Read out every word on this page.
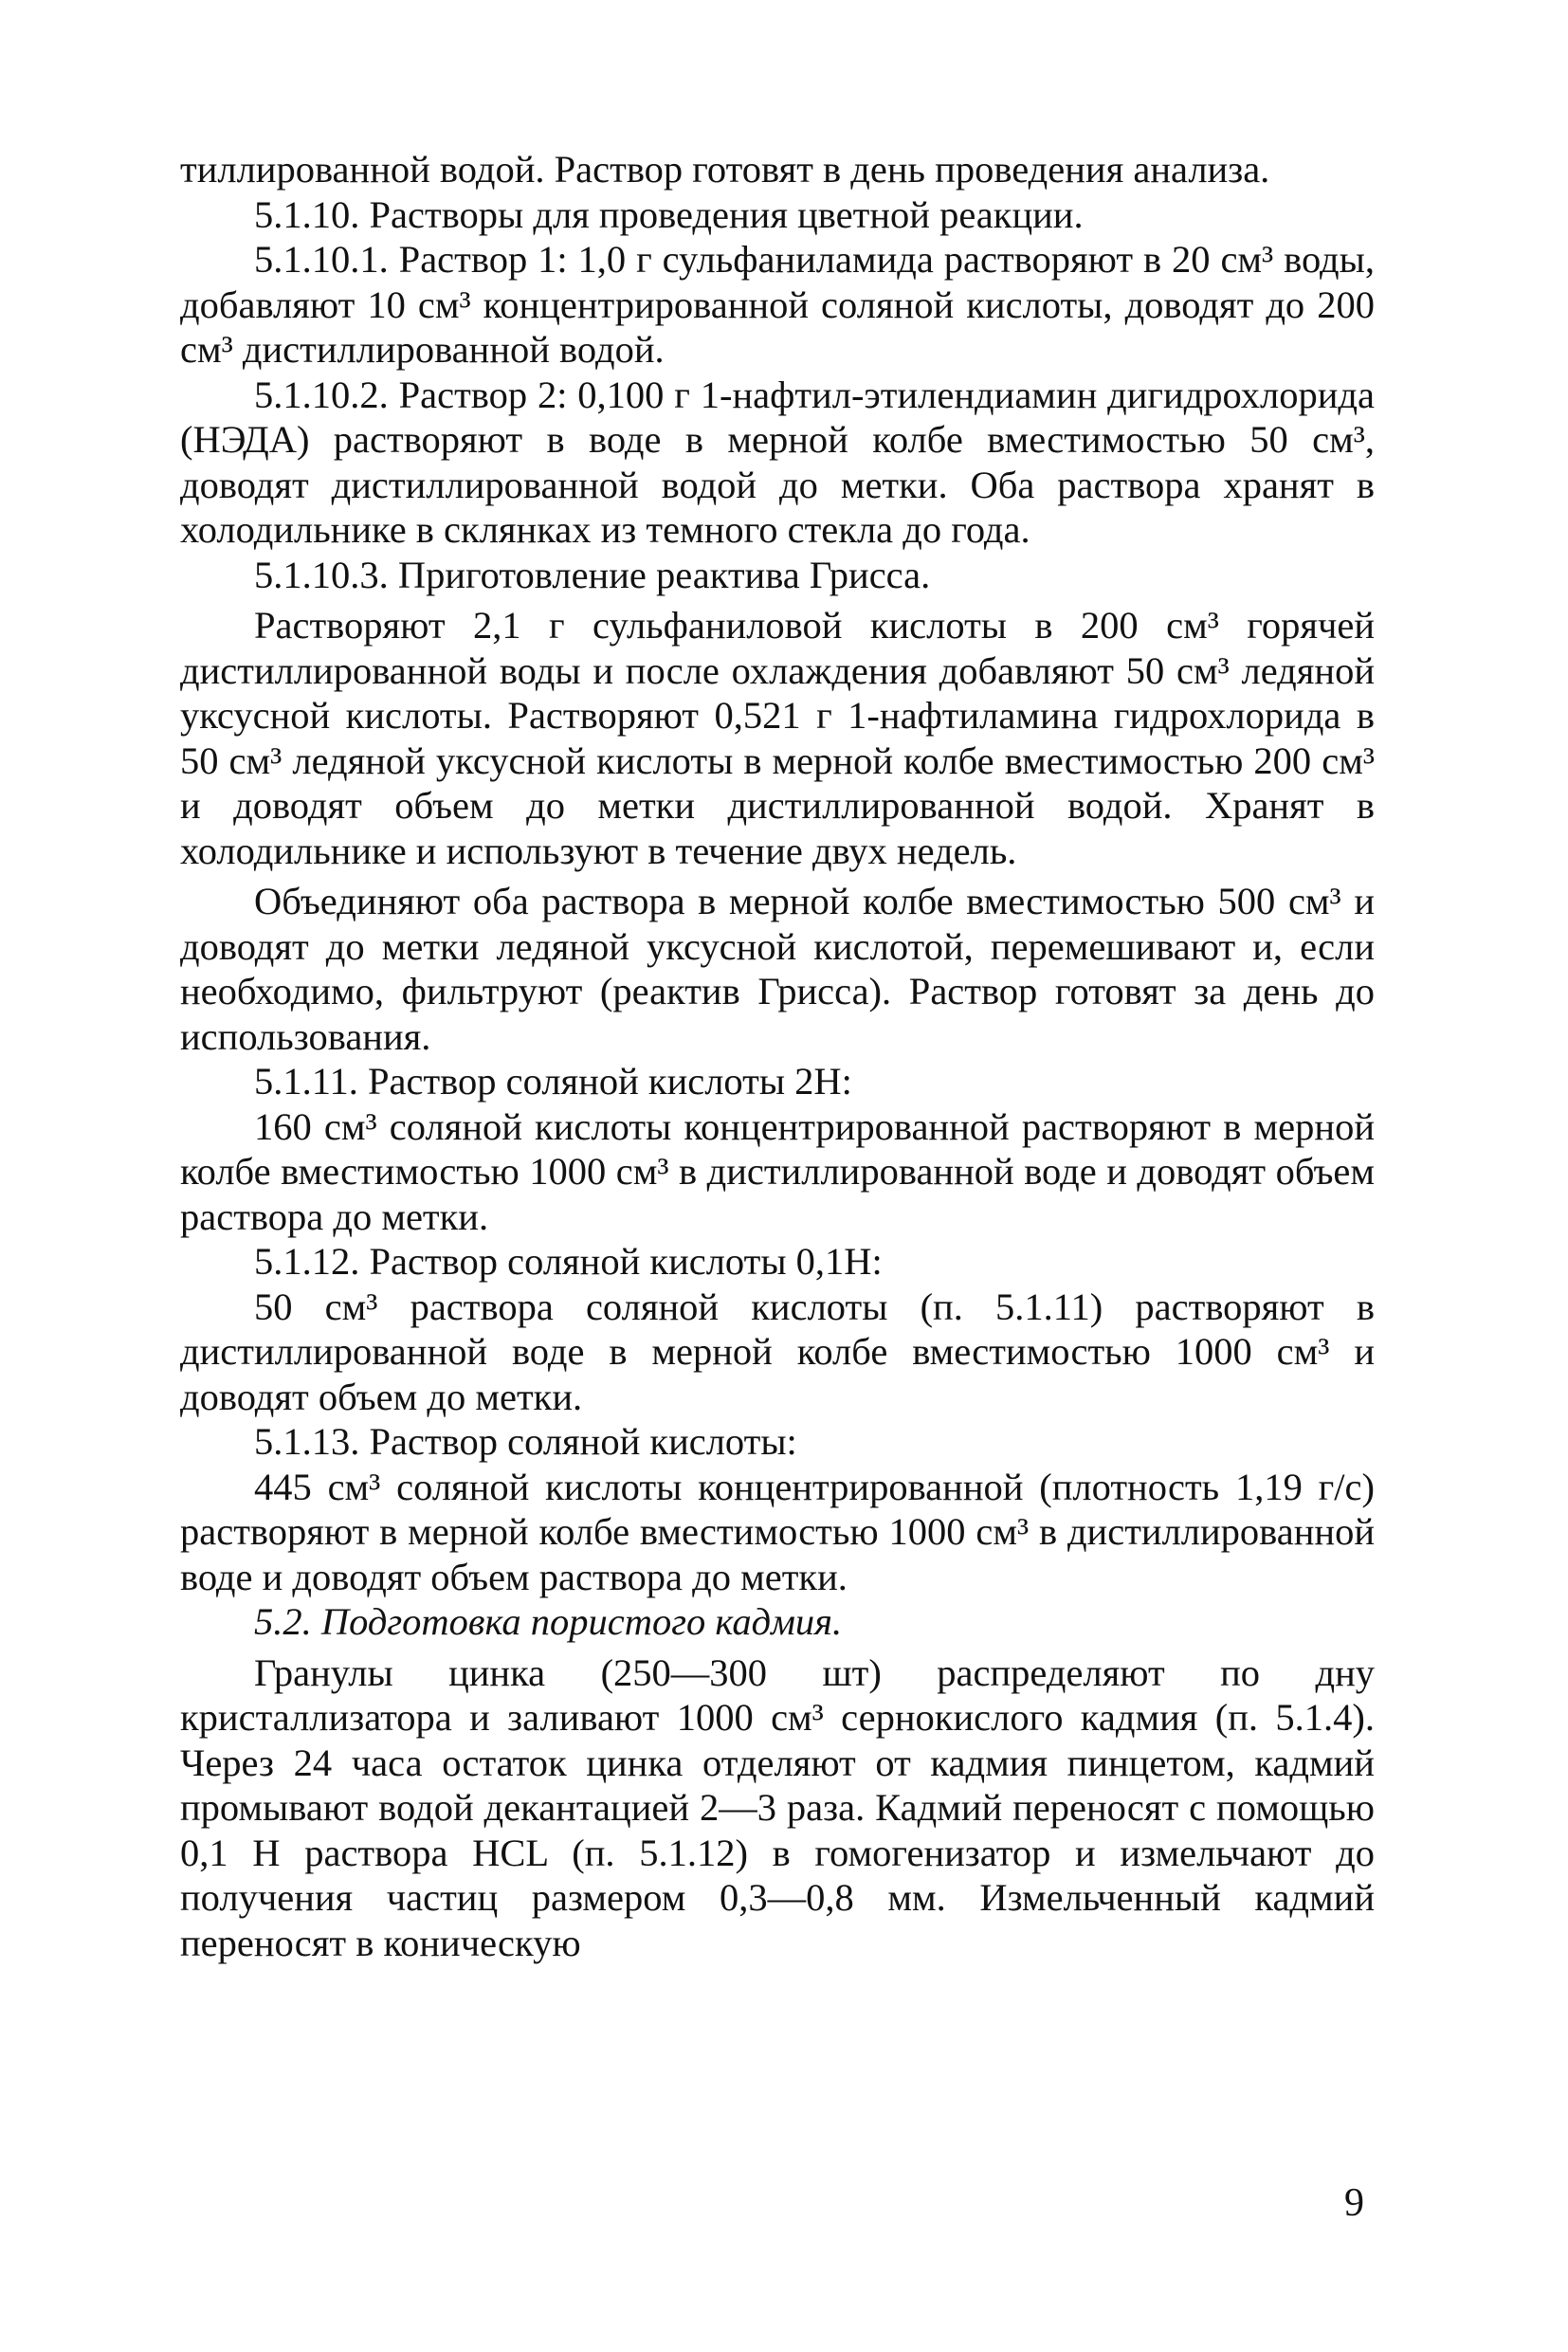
тиллированной водой. Раствор готовят в день проведения анализа.

5.1.10. Растворы для проведения цветной реакции.

5.1.10.1. Раствор 1: 1,0 г сульфаниламида растворяют в 20 см³ воды, добавляют 10 см³ концентрированной соляной кислоты, доводят до 200 см³ дистиллированной водой.

5.1.10.2. Раствор 2: 0,100 г 1-нафтил-этилендиамин дигидрохлорида (НЭДА) растворяют в воде в мерной колбе вместимостью 50 см³, доводят дистиллированной водой до метки. Оба раствора хранят в холодильнике в склянках из темного стекла до года.

5.1.10.3. Приготовление реактива Грисса.

Растворяют 2,1 г сульфаниловой кислоты в 200 см³ горячей дистиллированной воды и после охлаждения добавляют 50 см³ ледяной уксусной кислоты. Растворяют 0,521 г 1-нафтиламина гидрохлорида в 50 см³ ледяной уксусной кислоты в мерной колбе вместимостью 200 см³ и доводят объем до метки дистиллированной водой. Хранят в холодильнике и используют в течение двух недель.

Объединяют оба раствора в мерной колбе вместимостью 500 см³ и доводят до метки ледяной уксусной кислотой, перемешивают и, если необходимо, фильтруют (реактив Грисса). Раствор готовят за день до использования.

5.1.11. Раствор соляной кислоты 2Н:

160 см³ соляной кислоты концентрированной растворяют в мерной колбе вместимостью 1000 см³ в дистиллированной воде и доводят объем раствора до метки.

5.1.12. Раствор соляной кислоты 0,1Н:

50 см³ раствора соляной кислоты (п. 5.1.11) растворяют в дистиллированной воде в мерной колбе вместимостью 1000 см³ и доводят объем до метки.

5.1.13. Раствор соляной кислоты:

445 см³ соляной кислоты концентрированной (плотность 1,19 г/с) растворяют в мерной колбе вместимостью 1000 см³ в дистиллированной воде и доводят объем раствора до метки.

5.2. Подготовка пористого кадмия.

Гранулы цинка (250—300 шт) распределяют по дну кристаллизатора и заливают 1000 см³ сернокислого кадмия (п. 5.1.4). Через 24 часа остаток цинка отделяют от кадмия пинцетом, кадмий промывают водой декантацией 2—3 раза. Кадмий переносят с помощью 0,1 Н раствора HCL (п. 5.1.12) в гомогенизатор и измельчают до получения частиц размером 0,3—0,8 мм. Измельченный кадмий переносят в коническую

9
